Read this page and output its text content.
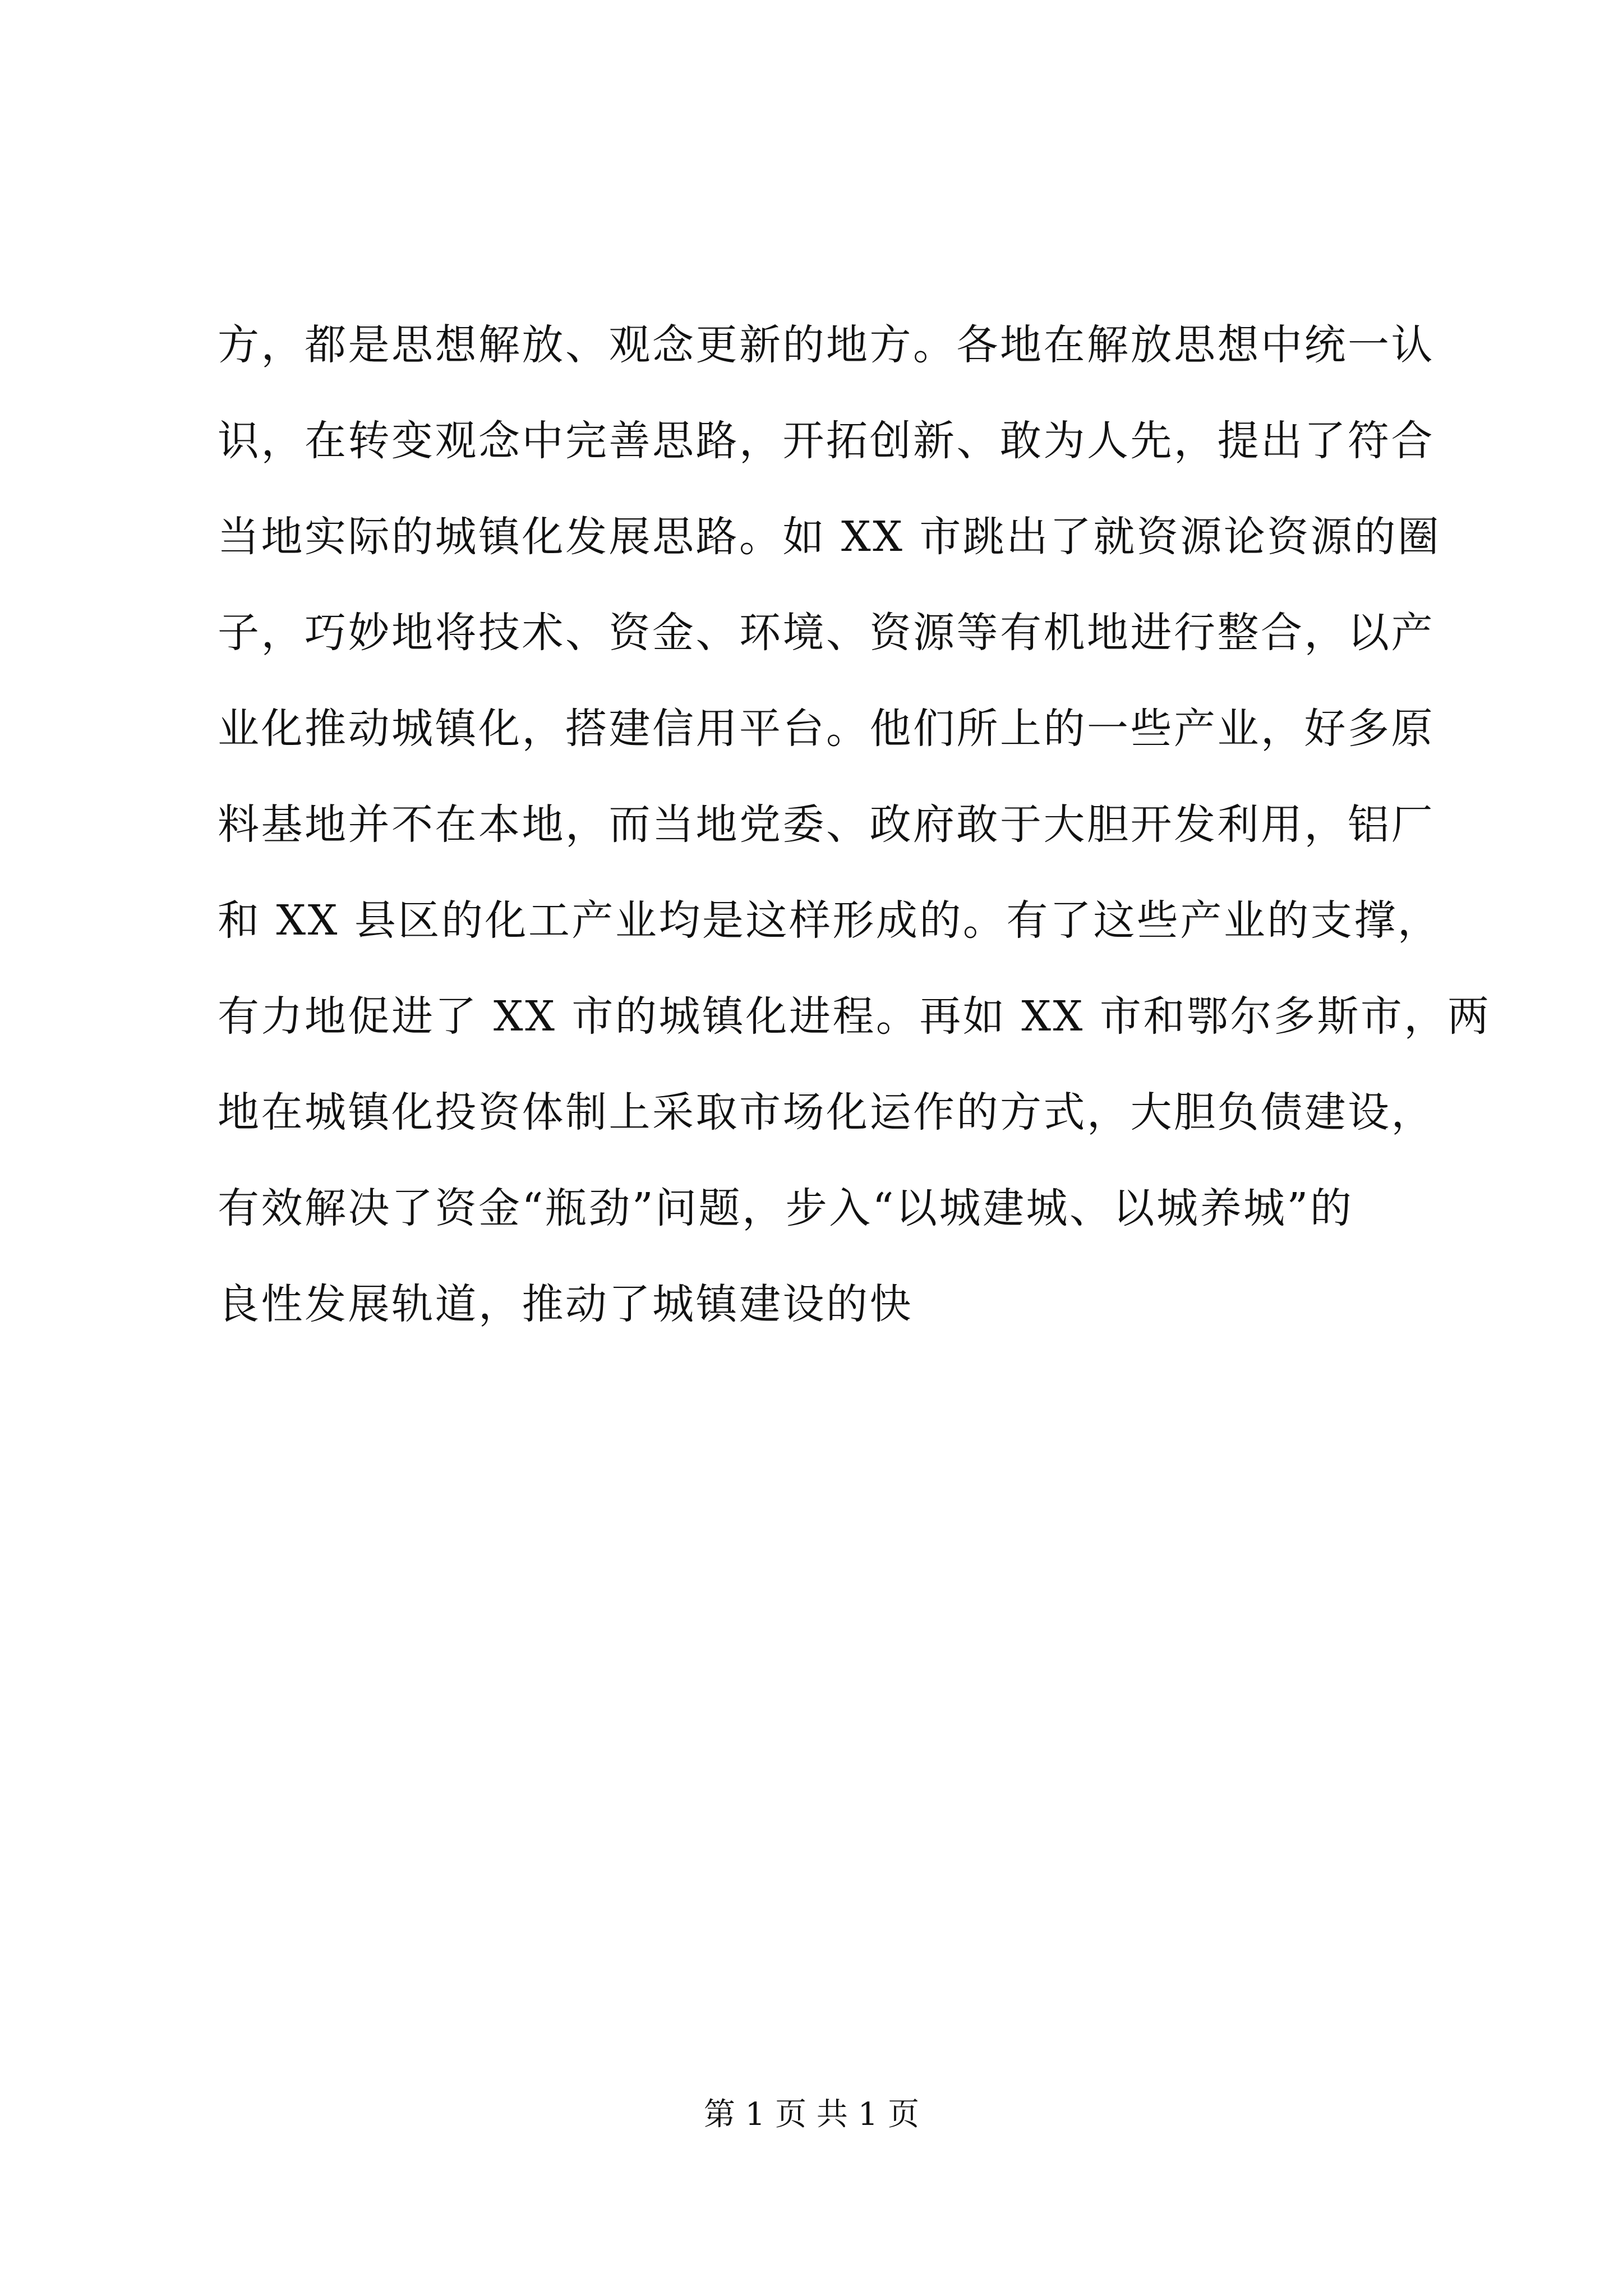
方，都是思想解放、观念更新的地方。各地在解放思想中统一认
识，在转变观念中完善思路，开拓创新、敢为人先，提出了符合
当地实际的城镇化发展思路。如 XX 市跳出了就资源论资源的圈
子，巧妙地将技术、资金、环境、资源等有机地进行整合，以产
业化推动城镇化，搭建信用平台。他们所上的一些产业，好多原
料基地并不在本地，而当地党委、政府敢于大胆开发利用，铝厂
和 XX 县区的化工产业均是这样形成的。有了这些产业的支撑，
有力地促进了 XX 市的城镇化进程。再如 XX 市和鄂尔多斯市，两
地在城镇化投资体制上采取市场化运作的方式，大胆负债建设，
有效解决了资金“瓶劲”问题，步入“以城建城、以城养城”的
良性发展轨道，推动了城镇建设的快
第 1 页 共 1 页
